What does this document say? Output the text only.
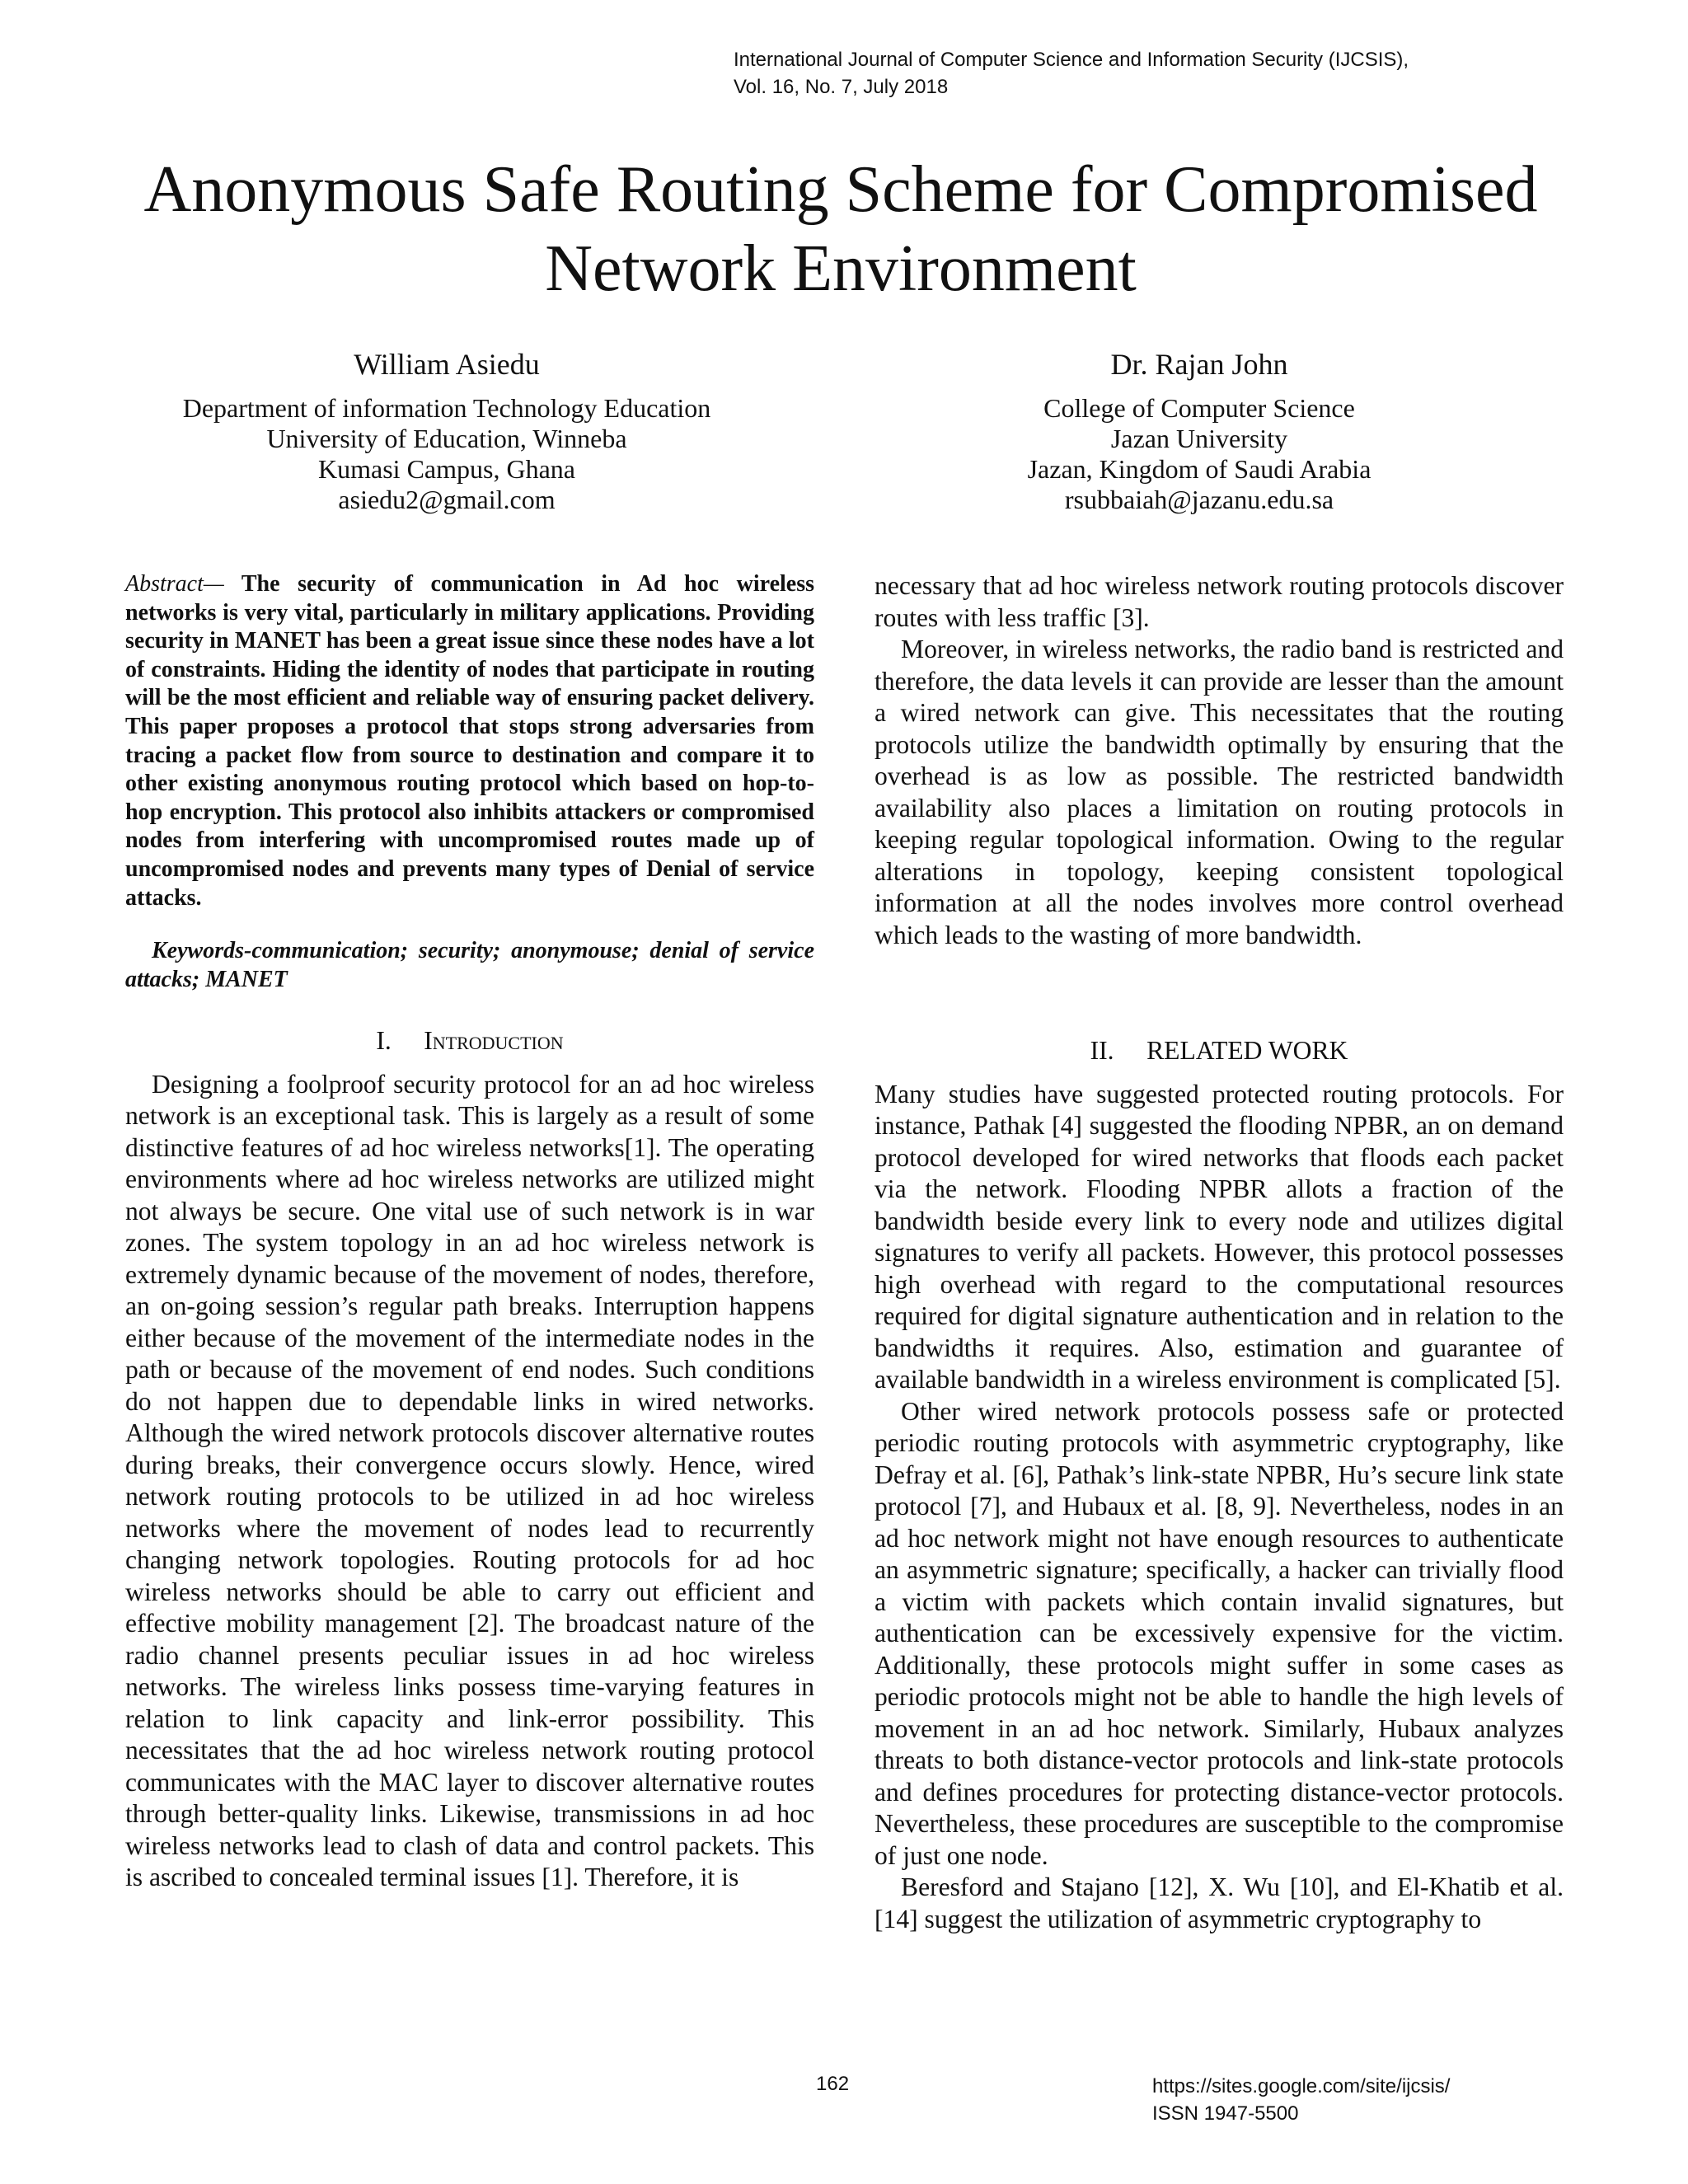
International Journal of Computer Science and Information Security (IJCSIS),
Vol. 16, No. 7, July 2018
Anonymous Safe Routing Scheme for Compromised
Network Environment
William Asiedu
Department of information Technology Education
University of Education, Winneba
Kumasi Campus, Ghana
asiedu2@gmail.com
Dr. Rajan John
College of Computer Science
Jazan University
Jazan, Kingdom of Saudi Arabia
rsubbaiah@jazanu.edu.sa

Abstract— The security of communication in Ad hoc wireless networks is very vital, particularly in military applications. Providing security in MANET has been a great issue since these nodes have a lot of constraints. Hiding the identity of nodes that participate in routing will be the most efficient and reliable way of ensuring packet delivery. This paper proposes a protocol that stops strong adversaries from tracing a packet flow from source to destination and compare it to other existing anonymous routing protocol which based on hop-to-hop encryption. This protocol also inhibits attackers or compromised nodes from interfering with uncompromised routes made up of uncompromised nodes and prevents many types of Denial of service attacks.

Keywords-communication; security; anonymouse; denial of service attacks; MANET

I. Introduction

Designing a foolproof security protocol for an ad hoc wireless network is an exceptional task. This is largely as a result of some distinctive features of ad hoc wireless networks[1]. The operating environments where ad hoc wireless networks are utilized might not always be secure. One vital use of such network is in war zones. The system topology in an ad hoc wireless network is extremely dynamic because of the movement of nodes, therefore, an on-going session’s regular path breaks. Interruption happens either because of the movement of the intermediate nodes in the path or because of the movement of end nodes. Such conditions do not happen due to dependable links in wired networks. Although the wired network protocols discover alternative routes during breaks, their convergence occurs slowly. Hence, wired network routing protocols to be utilized in ad hoc wireless networks where the movement of nodes lead to recurrently changing network topologies. Routing protocols for ad hoc wireless networks should be able to carry out efficient and effective mobility management [2]. The broadcast nature of the radio channel presents peculiar issues in ad hoc wireless networks. The wireless links possess time-varying features in relation to link capacity and link-error possibility. This necessitates that the ad hoc wireless network routing protocol communicates with the MAC layer to discover alternative routes through better-quality links. Likewise, transmissions in ad hoc wireless networks lead to clash of data and control packets. This is ascribed to concealed terminal issues [1]. Therefore, it is

necessary that ad hoc wireless network routing protocols discover routes with less traffic [3].

Moreover, in wireless networks, the radio band is restricted and therefore, the data levels it can provide are lesser than the amount a wired network can give. This necessitates that the routing protocols utilize the bandwidth optimally by ensuring that the overhead is as low as possible. The restricted bandwidth availability also places a limitation on routing protocols in keeping regular topological information. Owing to the regular alterations in topology, keeping consistent topological information at all the nodes involves more control overhead which leads to the wasting of more bandwidth.

II. RELATED WORK

Many studies have suggested protected routing protocols. For instance, Pathak [4] suggested the flooding NPBR, an on demand protocol developed for wired networks that floods each packet via the network. Flooding NPBR allots a fraction of the bandwidth beside every link to every node and utilizes digital signatures to verify all packets. However, this protocol possesses high overhead with regard to the computational resources required for digital signature authentication and in relation to the bandwidths it requires. Also, estimation and guarantee of available bandwidth in a wireless environment is complicated [5].

Other wired network protocols possess safe or protected periodic routing protocols with asymmetric cryptography, like Defray et al. [6], Pathak’s link-state NPBR, Hu’s secure link state protocol [7], and Hubaux et al. [8, 9]. Nevertheless, nodes in an ad hoc network might not have enough resources to authenticate an asymmetric signature; specifically, a hacker can trivially flood a victim with packets which contain invalid signatures, but authentication can be excessively expensive for the victim. Additionally, these protocols might suffer in some cases as periodic protocols might not be able to handle the high levels of movement in an ad hoc network. Similarly, Hubaux analyzes threats to both distance-vector protocols and link-state protocols and defines procedures for protecting distance-vector protocols. Nevertheless, these procedures are susceptible to the compromise of just one node.

Beresford and Stajano [12], X. Wu [10], and El-Khatib et al. [14] suggest the utilization of asymmetric cryptography to

162	https://sites.google.com/site/ijcsis/
ISSN 1947-5500
